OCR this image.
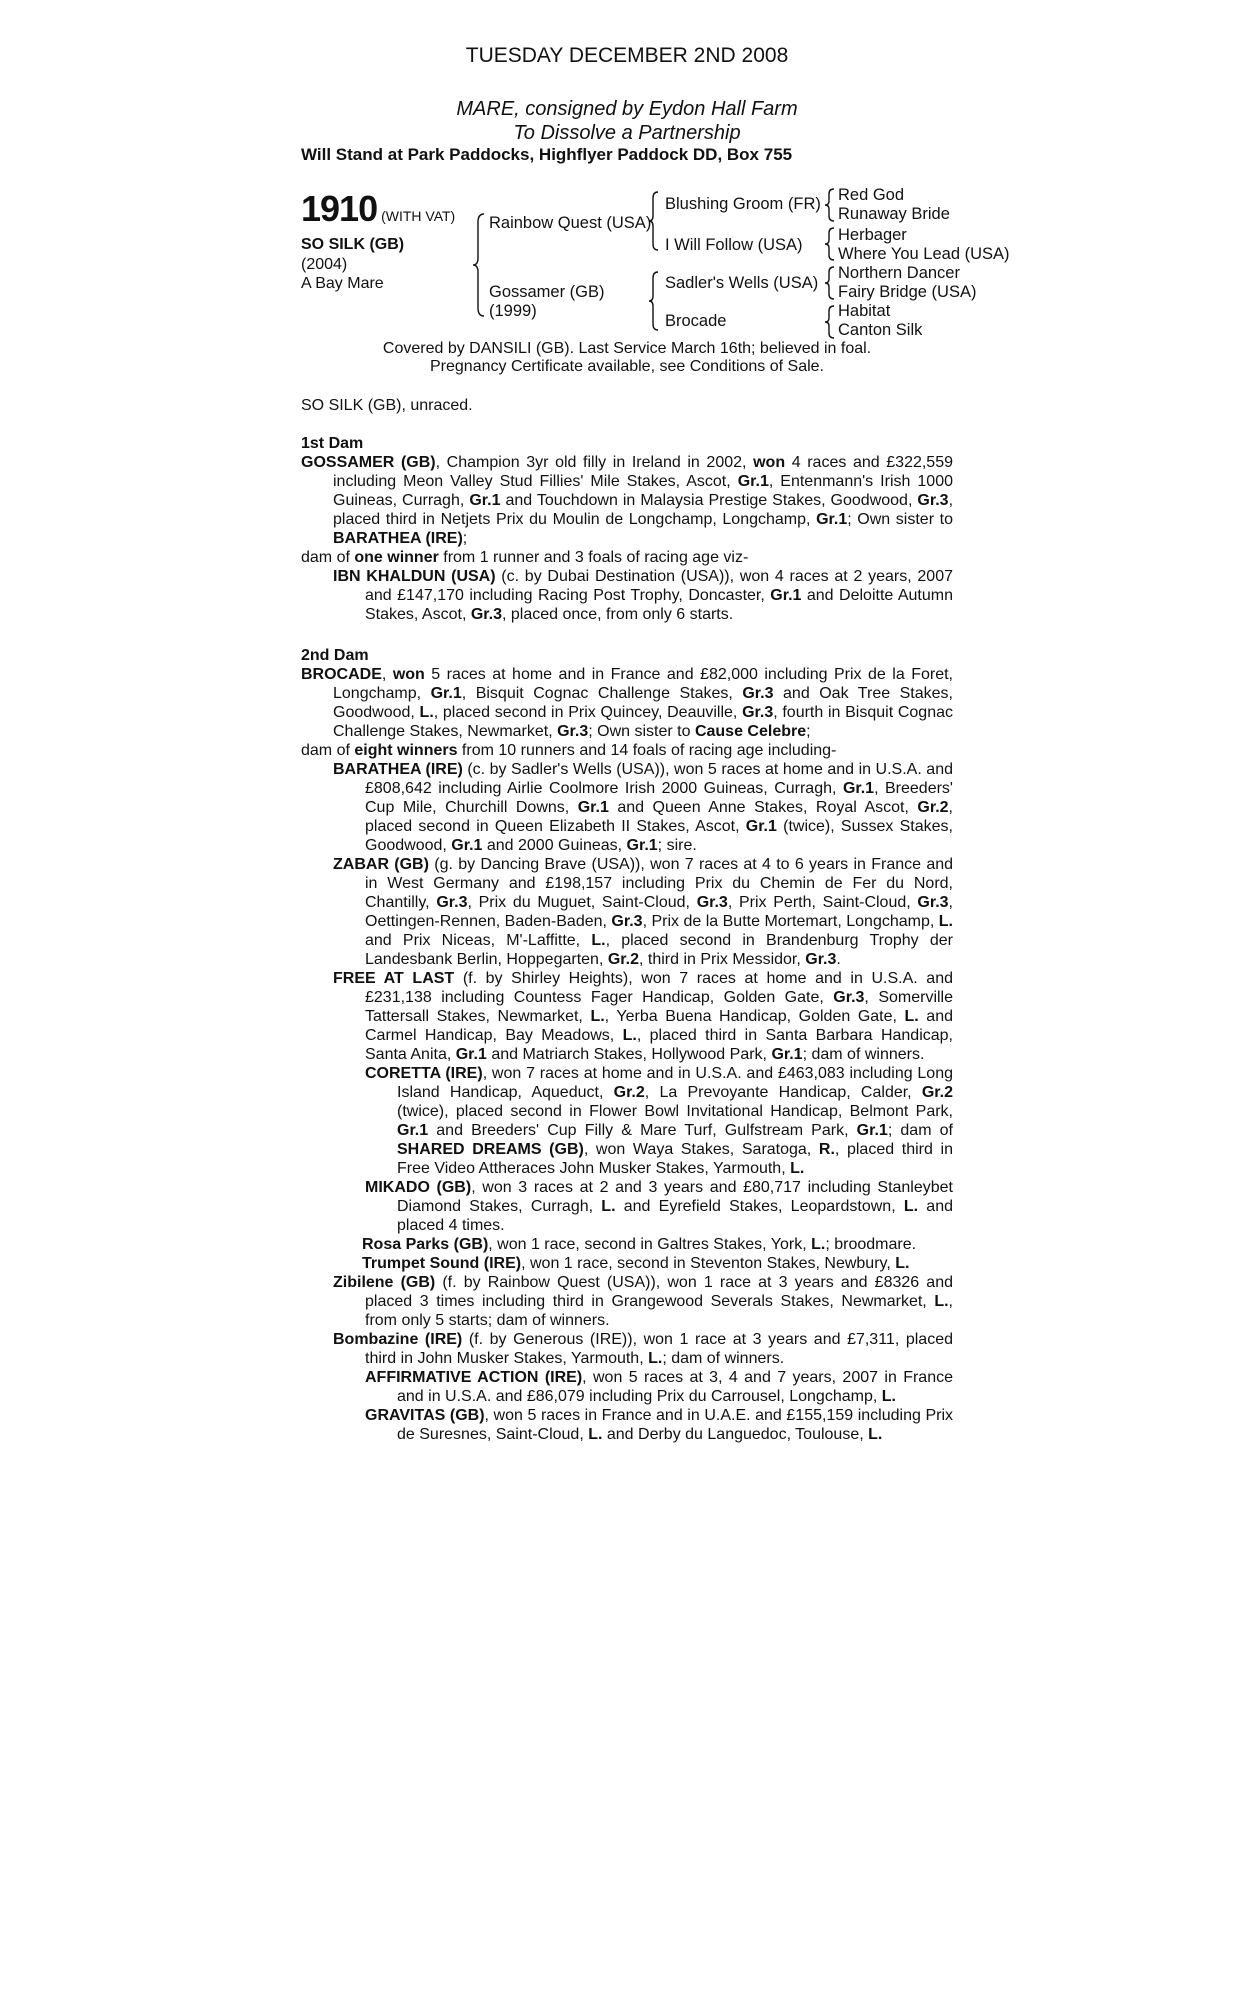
TUESDAY DECEMBER 2ND 2008
MARE, consigned by Eydon Hall Farm
To Dissolve a Partnership
Will Stand at Park Paddocks, Highflyer Paddock DD, Box 755
1910 (WITH VAT)
SO SILK (GB)
(2004)
A Bay Mare
Rainbow Quest (USA)
Gossamer (GB)
(1999)
Blushing Groom (FR)
I Will Follow (USA)
Sadler's Wells (USA)
Brocade
Red God
Runaway Bride
Herbager
Where You Lead (USA)
Northern Dancer
Fairy Bridge (USA)
Habitat
Canton Silk
Covered by DANSILI (GB). Last Service March 16th; believed in foal.
Pregnancy Certificate available, see Conditions of Sale.
SO SILK (GB), unraced.
1st Dam
GOSSAMER (GB), Champion 3yr old filly in Ireland in 2002, won 4 races and £322,559 including Meon Valley Stud Fillies' Mile Stakes, Ascot, Gr.1, Entenmann's Irish 1000 Guineas, Curragh, Gr.1 and Touchdown in Malaysia Prestige Stakes, Goodwood, Gr.3, placed third in Netjets Prix du Moulin de Longchamp, Longchamp, Gr.1; Own sister to BARATHEA (IRE);
dam of one winner from 1 runner and 3 foals of racing age viz-
IBN KHALDUN (USA) (c. by Dubai Destination (USA)), won 4 races at 2 years, 2007 and £147,170 including Racing Post Trophy, Doncaster, Gr.1 and Deloitte Autumn Stakes, Ascot, Gr.3, placed once, from only 6 starts.
2nd Dam
BROCADE, won 5 races at home and in France and £82,000 including Prix de la Foret, Longchamp, Gr.1, Bisquit Cognac Challenge Stakes, Gr.3 and Oak Tree Stakes, Goodwood, L., placed second in Prix Quincey, Deauville, Gr.3, fourth in Bisquit Cognac Challenge Stakes, Newmarket, Gr.3; Own sister to Cause Celebre;
dam of eight winners from 10 runners and 14 foals of racing age including-
BARATHEA (IRE) (c. by Sadler's Wells (USA)), won 5 races at home and in U.S.A. and £808,642 including Airlie Coolmore Irish 2000 Guineas, Curragh, Gr.1, Breeders' Cup Mile, Churchill Downs, Gr.1 and Queen Anne Stakes, Royal Ascot, Gr.2, placed second in Queen Elizabeth II Stakes, Ascot, Gr.1 (twice), Sussex Stakes, Goodwood, Gr.1 and 2000 Guineas, Gr.1; sire.
ZABAR (GB) (g. by Dancing Brave (USA)), won 7 races at 4 to 6 years in France and in West Germany and £198,157 including Prix du Chemin de Fer du Nord, Chantilly, Gr.3, Prix du Muguet, Saint-Cloud, Gr.3, Prix Perth, Saint-Cloud, Gr.3, Oettingen-Rennen, Baden-Baden, Gr.3, Prix de la Butte Mortemart, Longchamp, L. and Prix Niceas, M'-Laffitte, L., placed second in Brandenburg Trophy der Landesbank Berlin, Hoppegarten, Gr.2, third in Prix Messidor, Gr.3.
FREE AT LAST (f. by Shirley Heights), won 7 races at home and in U.S.A. and £231,138 including Countess Fager Handicap, Golden Gate, Gr.3, Somerville Tattersall Stakes, Newmarket, L., Yerba Buena Handicap, Golden Gate, L. and Carmel Handicap, Bay Meadows, L., placed third in Santa Barbara Handicap, Santa Anita, Gr.1 and Matriarch Stakes, Hollywood Park, Gr.1; dam of winners.
CORETTA (IRE), won 7 races at home and in U.S.A. and £463,083 including Long Island Handicap, Aqueduct, Gr.2, La Prevoyante Handicap, Calder, Gr.2 (twice), placed second in Flower Bowl Invitational Handicap, Belmont Park, Gr.1 and Breeders' Cup Filly & Mare Turf, Gulfstream Park, Gr.1; dam of SHARED DREAMS (GB), won Waya Stakes, Saratoga, R., placed third in Free Video Attheraces John Musker Stakes, Yarmouth, L.
MIKADO (GB), won 3 races at 2 and 3 years and £80,717 including Stanleybet Diamond Stakes, Curragh, L. and Eyrefield Stakes, Leopardstown, L. and placed 4 times.
Rosa Parks (GB), won 1 race, second in Galtres Stakes, York, L.; broodmare.
Trumpet Sound (IRE), won 1 race, second in Steventon Stakes, Newbury, L.
Zibilene (GB) (f. by Rainbow Quest (USA)), won 1 race at 3 years and £8326 and placed 3 times including third in Grangewood Severals Stakes, Newmarket, L., from only 5 starts; dam of winners.
Bombazine (IRE) (f. by Generous (IRE)), won 1 race at 3 years and £7,311, placed third in John Musker Stakes, Yarmouth, L.; dam of winners.
AFFIRMATIVE ACTION (IRE), won 5 races at 3, 4 and 7 years, 2007 in France and in U.S.A. and £86,079 including Prix du Carrousel, Longchamp, L.
GRAVITAS (GB), won 5 races in France and in U.A.E. and £155,159 including Prix de Suresnes, Saint-Cloud, L. and Derby du Languedoc, Toulouse, L.
